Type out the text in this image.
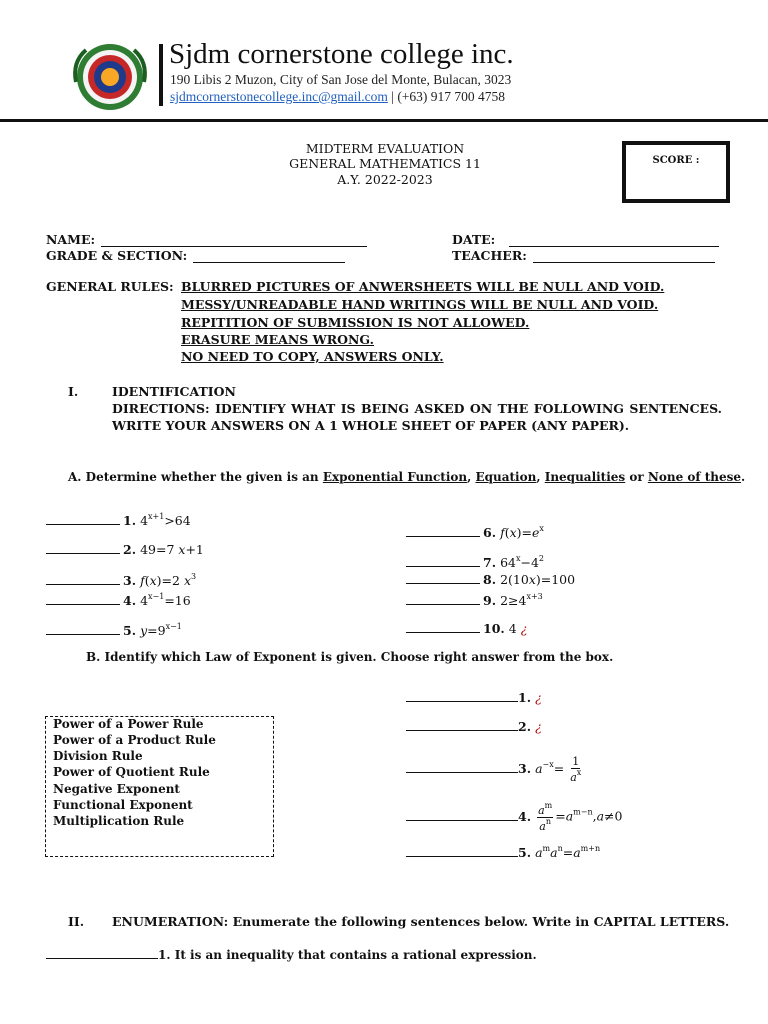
Sjdm cornerstone college inc.
190 Libis 2 Muzon, City of San Jose del Monte, Bulacan, 3023
sjdmcornerstonecollege.inc@gmail.com | (+63) 917 700 4758
MIDTERM EVALUATION
GENERAL MATHEMATICS 11
A.Y. 2022-2023
SCORE :
NAME:
GRADE & SECTION:
DATE:
TEACHER:
GENERAL RULES: BLURRED PICTURES OF ANWERSHEETS WILL BE NULL AND VOID.
MESSY/UNREADABLE HAND WRITINGS WILL BE NULL AND VOID.
REPITITION OF SUBMISSION IS NOT ALLOWED.
ERASURE MEANS WRONG.
NO NEED TO COPY, ANSWERS ONLY.
I.	IDENTIFICATION
DIRECTIONS: IDENTIFY WHAT IS BEING ASKED ON THE FOLLOWING SENTENCES. WRITE YOUR ANSWERS ON A 1 WHOLE SHEET OF PAPER (ANY PAPER).
A. Determine whether the given is an Exponential Function, Equation, Inequalities or None of these.
1. $4^{x+1}>64$
2. 49=7 x+1
3. f(x)=2 $x^3$
4. $4^{x-1}=16$
5. $y=9^{x-1}$
6. $f(x)=e^x$
7. $64^x-4^2$
8. 2(10x)=100
9. $2\ge 4^{x+3}$
10. 4 ¿
B. Identify which Law of Exponent is given. Choose right answer from the box.
Power of a Power Rule
Power of a Product Rule
Division Rule
Power of Quotient Rule
Negative Exponent
Functional Exponent
Multiplication Rule
1. ¿
2. ¿
3. $a^{-x}= \frac{1}{a^x}$
4. $\frac{a^m}{a^n} =a^{m-n},a\ne 0$
5. $a^ma^n=a^{m+n}$
II. ENUMERATION: Enumerate the following sentences below. Write in CAPITAL LETTERS.
1. It is an inequality that contains a rational expression.
